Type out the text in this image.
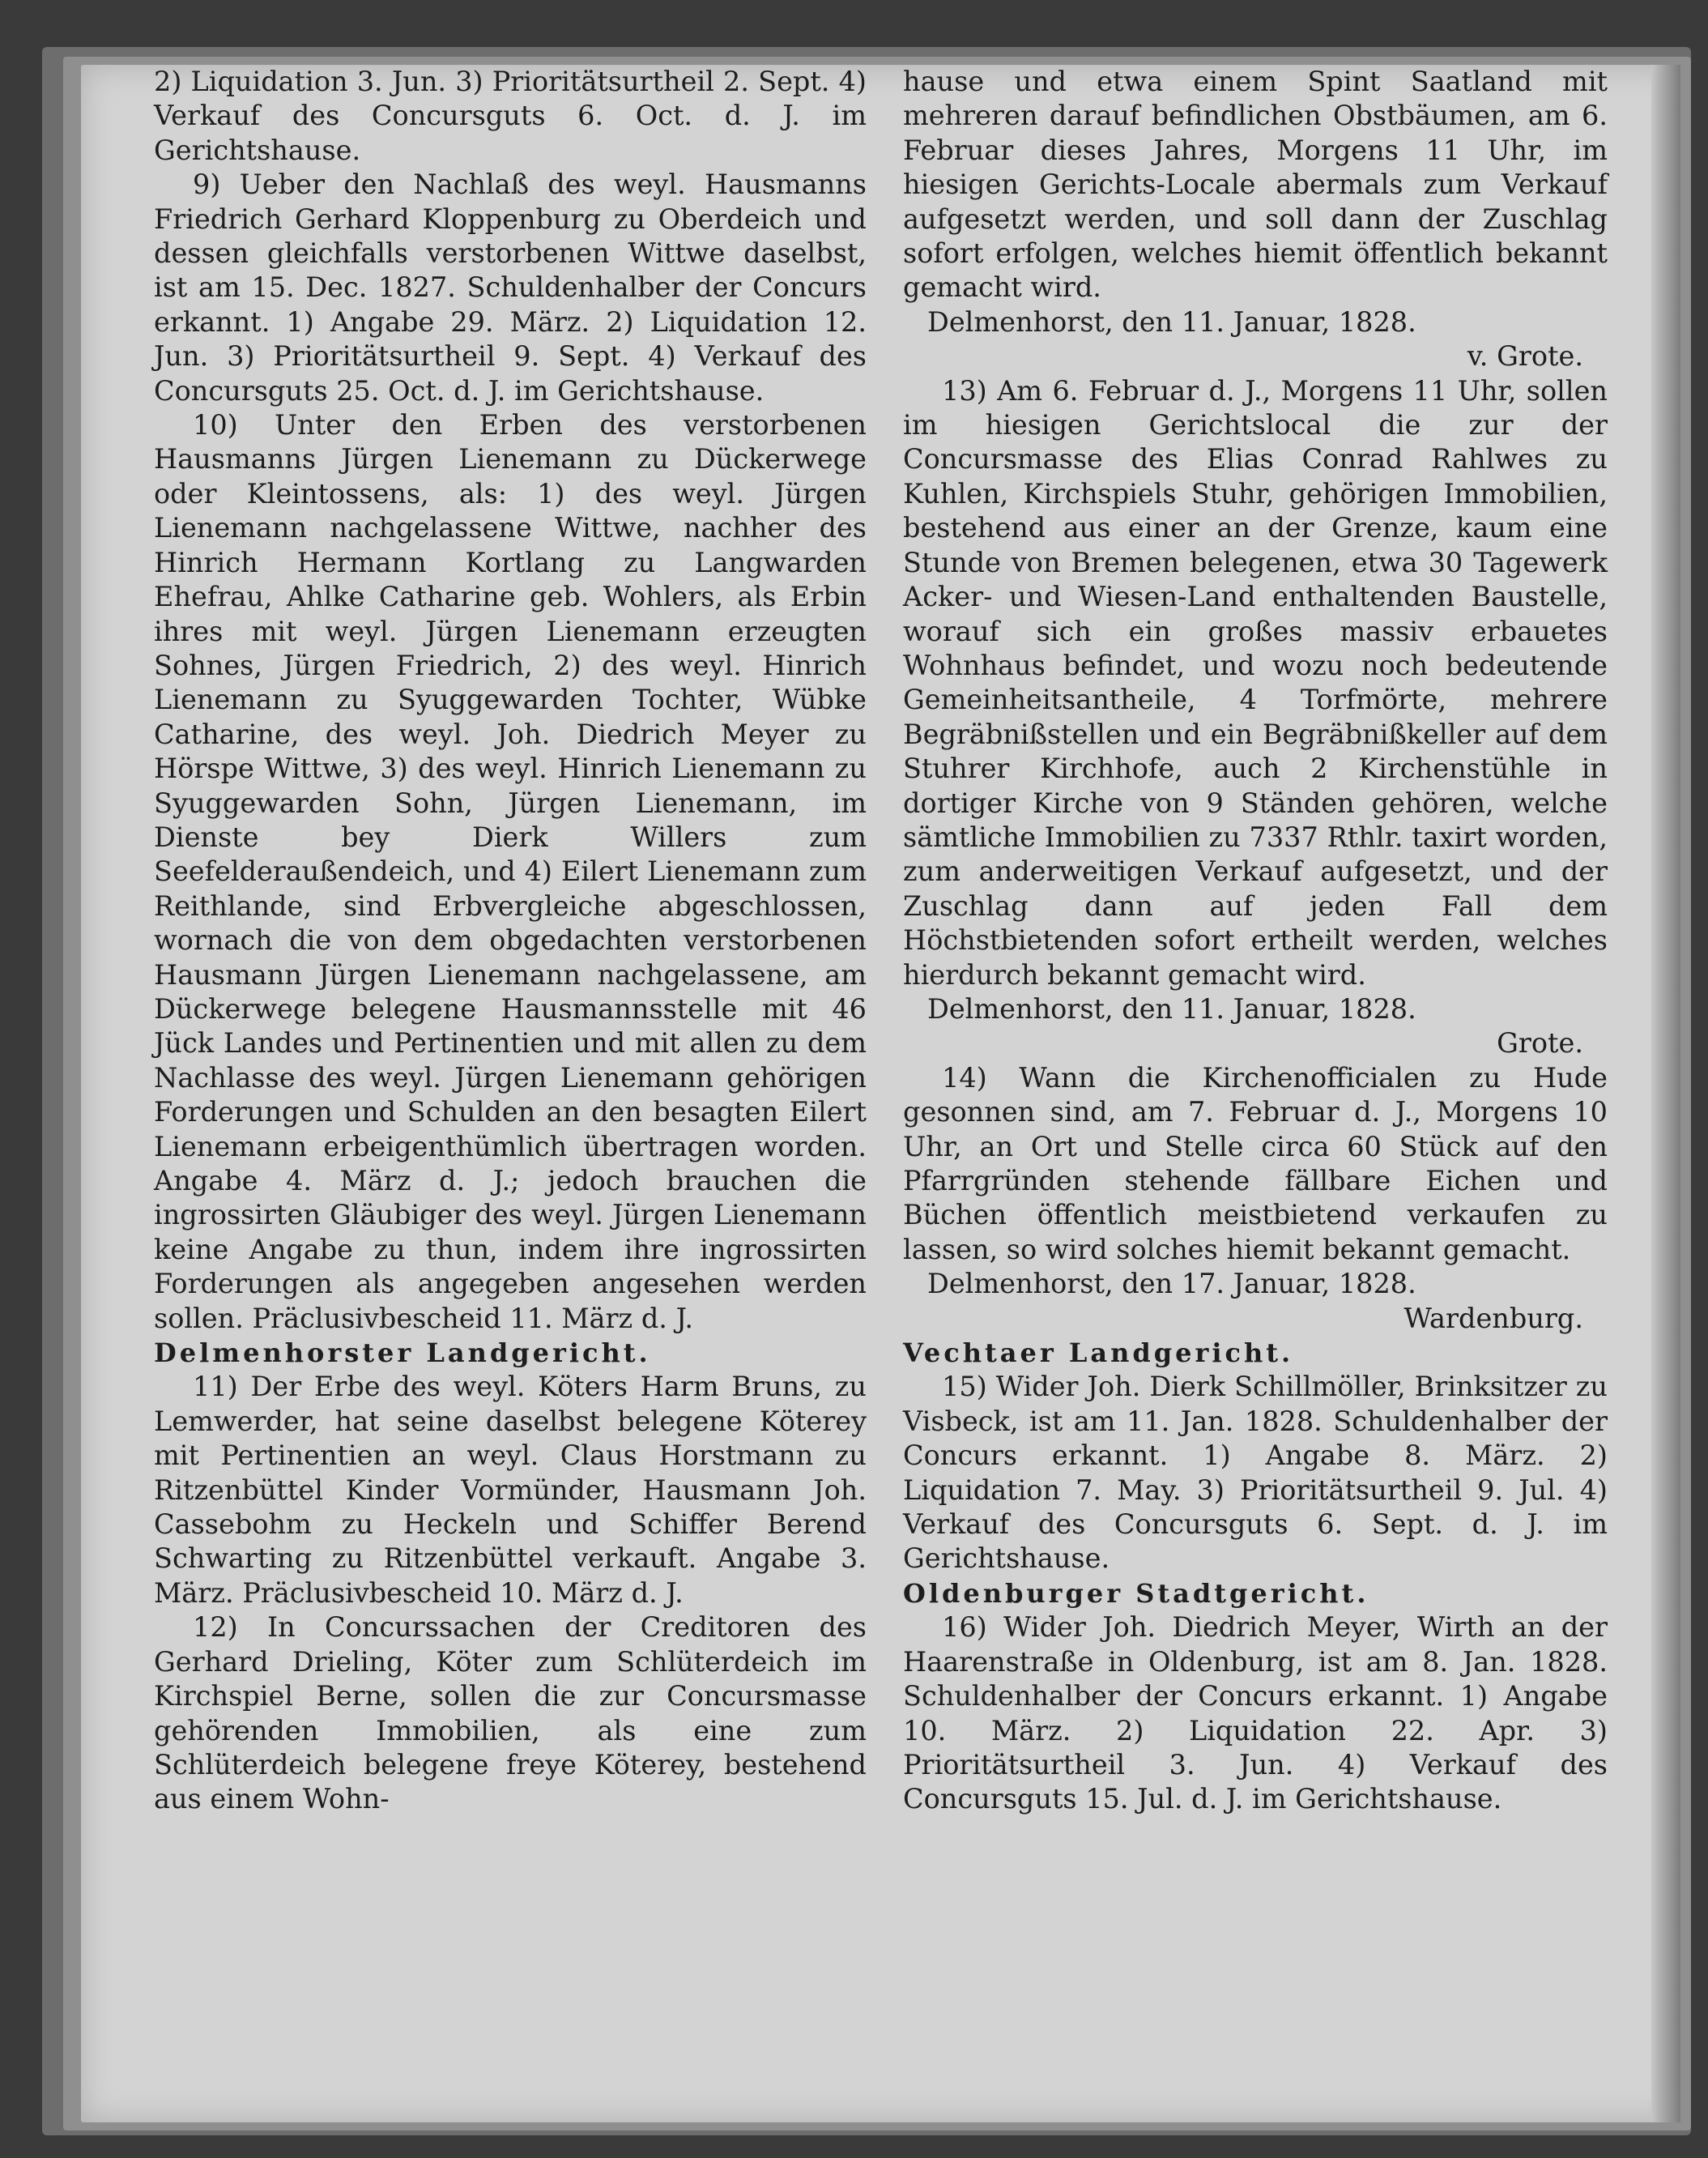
2) Liquidation 3. Jun. 3) Prioritätsurtheil 2. Sept. 4) Verkauf des Concursguts 6. Oct. d. J. im Gerichtshause.

9) Ueber den Nachlaß des weyl. Hausmanns Friedrich Gerhard Kloppenburg zu Oberdeich und dessen gleichfalls verstorbenen Wittwe daselbst, ist am 15. Dec. 1827. Schuldenhalber der Concurs erkannt. 1) Angabe 29. März. 2) Liquidation 12. Jun. 3) Prioritätsurtheil 9. Sept. 4) Verkauf des Concursguts 25. Oct. d. J. im Gerichtshause.

10) Unter den Erben des verstorbenen Hausmanns Jürgen Lienemann zu Dückerwege oder Kleintossens, als: 1) des weyl. Jürgen Lienemann nachgelassene Wittwe, nachher des Hinrich Hermann Kortlang zu Langwarden Ehefrau, Ahlke Catharine geb. Wohlers, als Erbin ihres mit weyl. Jürgen Lienemann erzeugten Sohnes, Jürgen Friedrich, 2) des weyl. Hinrich Lienemann zu Syuggewarden Tochter, Wübke Catharine, des weyl. Joh. Diedrich Meyer zu Hörspe Wittwe, 3) des weyl. Hinrich Lienemann zu Syuggewarden Sohn, Jürgen Lienemann, im Dienste bey Dierk Willers zum Seefelderaußendeich, und 4) Eilert Lienemann zum Reithlande, sind Erbvergleiche abgeschlossen, wornach die von dem obgedachten verstorbenen Hausmann Jürgen Lienemann nachgelassene, am Dückerwege belegene Hausmannsstelle mit 46 Jück Landes und Pertinentien und mit allen zu dem Nachlasse des weyl. Jürgen Lienemann gehörigen Forderungen und Schulden an den besagten Eilert Lienemann erbeigenthümlich übertragen worden. Angabe 4. März d. J.; jedoch brauchen die ingrossirten Gläubiger des weyl. Jürgen Lienemann keine Angabe zu thun, indem ihre ingrossirten Forderungen als angegeben angesehen werden sollen. Präclusivbescheid 11. März d. J.

Delmenhorster Landgericht.

11) Der Erbe des weyl. Köters Harm Bruns, zu Lemwerder, hat seine daselbst belegene Köterey mit Pertinentien an weyl. Claus Horstmann zu Ritzenbüttel Kinder Vormünder, Hausmann Joh. Cassebohm zu Heckeln und Schiffer Berend Schwarting zu Ritzenbüttel verkauft. Angabe 3. März. Präclusivbescheid 10. März d. J.

12) In Concurssachen der Creditoren des Gerhard Drieling, Köter zum Schlüterdeich im Kirchspiel Berne, sollen die zur Concursmasse gehörenden Immobilien, als eine zum Schlüterdeich belegene freye Köterey, bestehend aus einem Wohn-

hause und etwa einem Spint Saatland mit mehreren darauf befindlichen Obstbäumen, am 6. Februar dieses Jahres, Morgens 11 Uhr, im hiesigen Gerichts-Locale abermals zum Verkauf aufgesetzt werden, und soll dann der Zuschlag sofort erfolgen, welches hiemit öffentlich bekannt gemacht wird.

Delmenhorst, den 11. Januar, 1828.

v. Grote.

13) Am 6. Februar d. J., Morgens 11 Uhr, sollen im hiesigen Gerichtslocal die zur der Concursmasse des Elias Conrad Rahlwes zu Kuhlen, Kirchspiels Stuhr, gehörigen Immobilien, bestehend aus einer an der Grenze, kaum eine Stunde von Bremen belegenen, etwa 30 Tagewerk Acker- und Wiesen-Land enthaltenden Baustelle, worauf sich ein großes massiv erbauetes Wohnhaus befindet, und wozu noch bedeutende Gemeinheitsantheile, 4 Torfmörte, mehrere Begräbnißstellen und ein Begräbnißkeller auf dem Stuhrer Kirchhofe, auch 2 Kirchenstühle in dortiger Kirche von 9 Ständen gehören, welche sämtliche Immobilien zu 7337 Rthlr. taxirt worden, zum anderweitigen Verkauf aufgesetzt, und der Zuschlag dann auf jeden Fall dem Höchstbietenden sofort ertheilt werden, welches hierdurch bekannt gemacht wird.

Delmenhorst, den 11. Januar, 1828.

Grote.

14) Wann die Kirchenofficialen zu Hude gesonnen sind, am 7. Februar d. J., Morgens 10 Uhr, an Ort und Stelle circa 60 Stück auf den Pfarrgründen stehende fällbare Eichen und Büchen öffentlich meistbietend verkaufen zu lassen, so wird solches hiemit bekannt gemacht.

Delmenhorst, den 17. Januar, 1828.

Wardenburg.

Vechtaer Landgericht.

15) Wider Joh. Dierk Schillmöller, Brinksitzer zu Visbeck, ist am 11. Jan. 1828. Schuldenhalber der Concurs erkannt. 1) Angabe 8. März. 2) Liquidation 7. May. 3) Prioritätsurtheil 9. Jul. 4) Verkauf des Concursguts 6. Sept. d. J. im Gerichtshause.

Oldenburger Stadtgericht.

16) Wider Joh. Diedrich Meyer, Wirth an der Haarenstraße in Oldenburg, ist am 8. Jan. 1828. Schuldenhalber der Concurs erkannt. 1) Angabe 10. März. 2) Liquidation 22. Apr. 3) Prioritätsurtheil 3. Jun. 4) Verkauf des Concursguts 15. Jul. d. J. im Gerichtshause.
